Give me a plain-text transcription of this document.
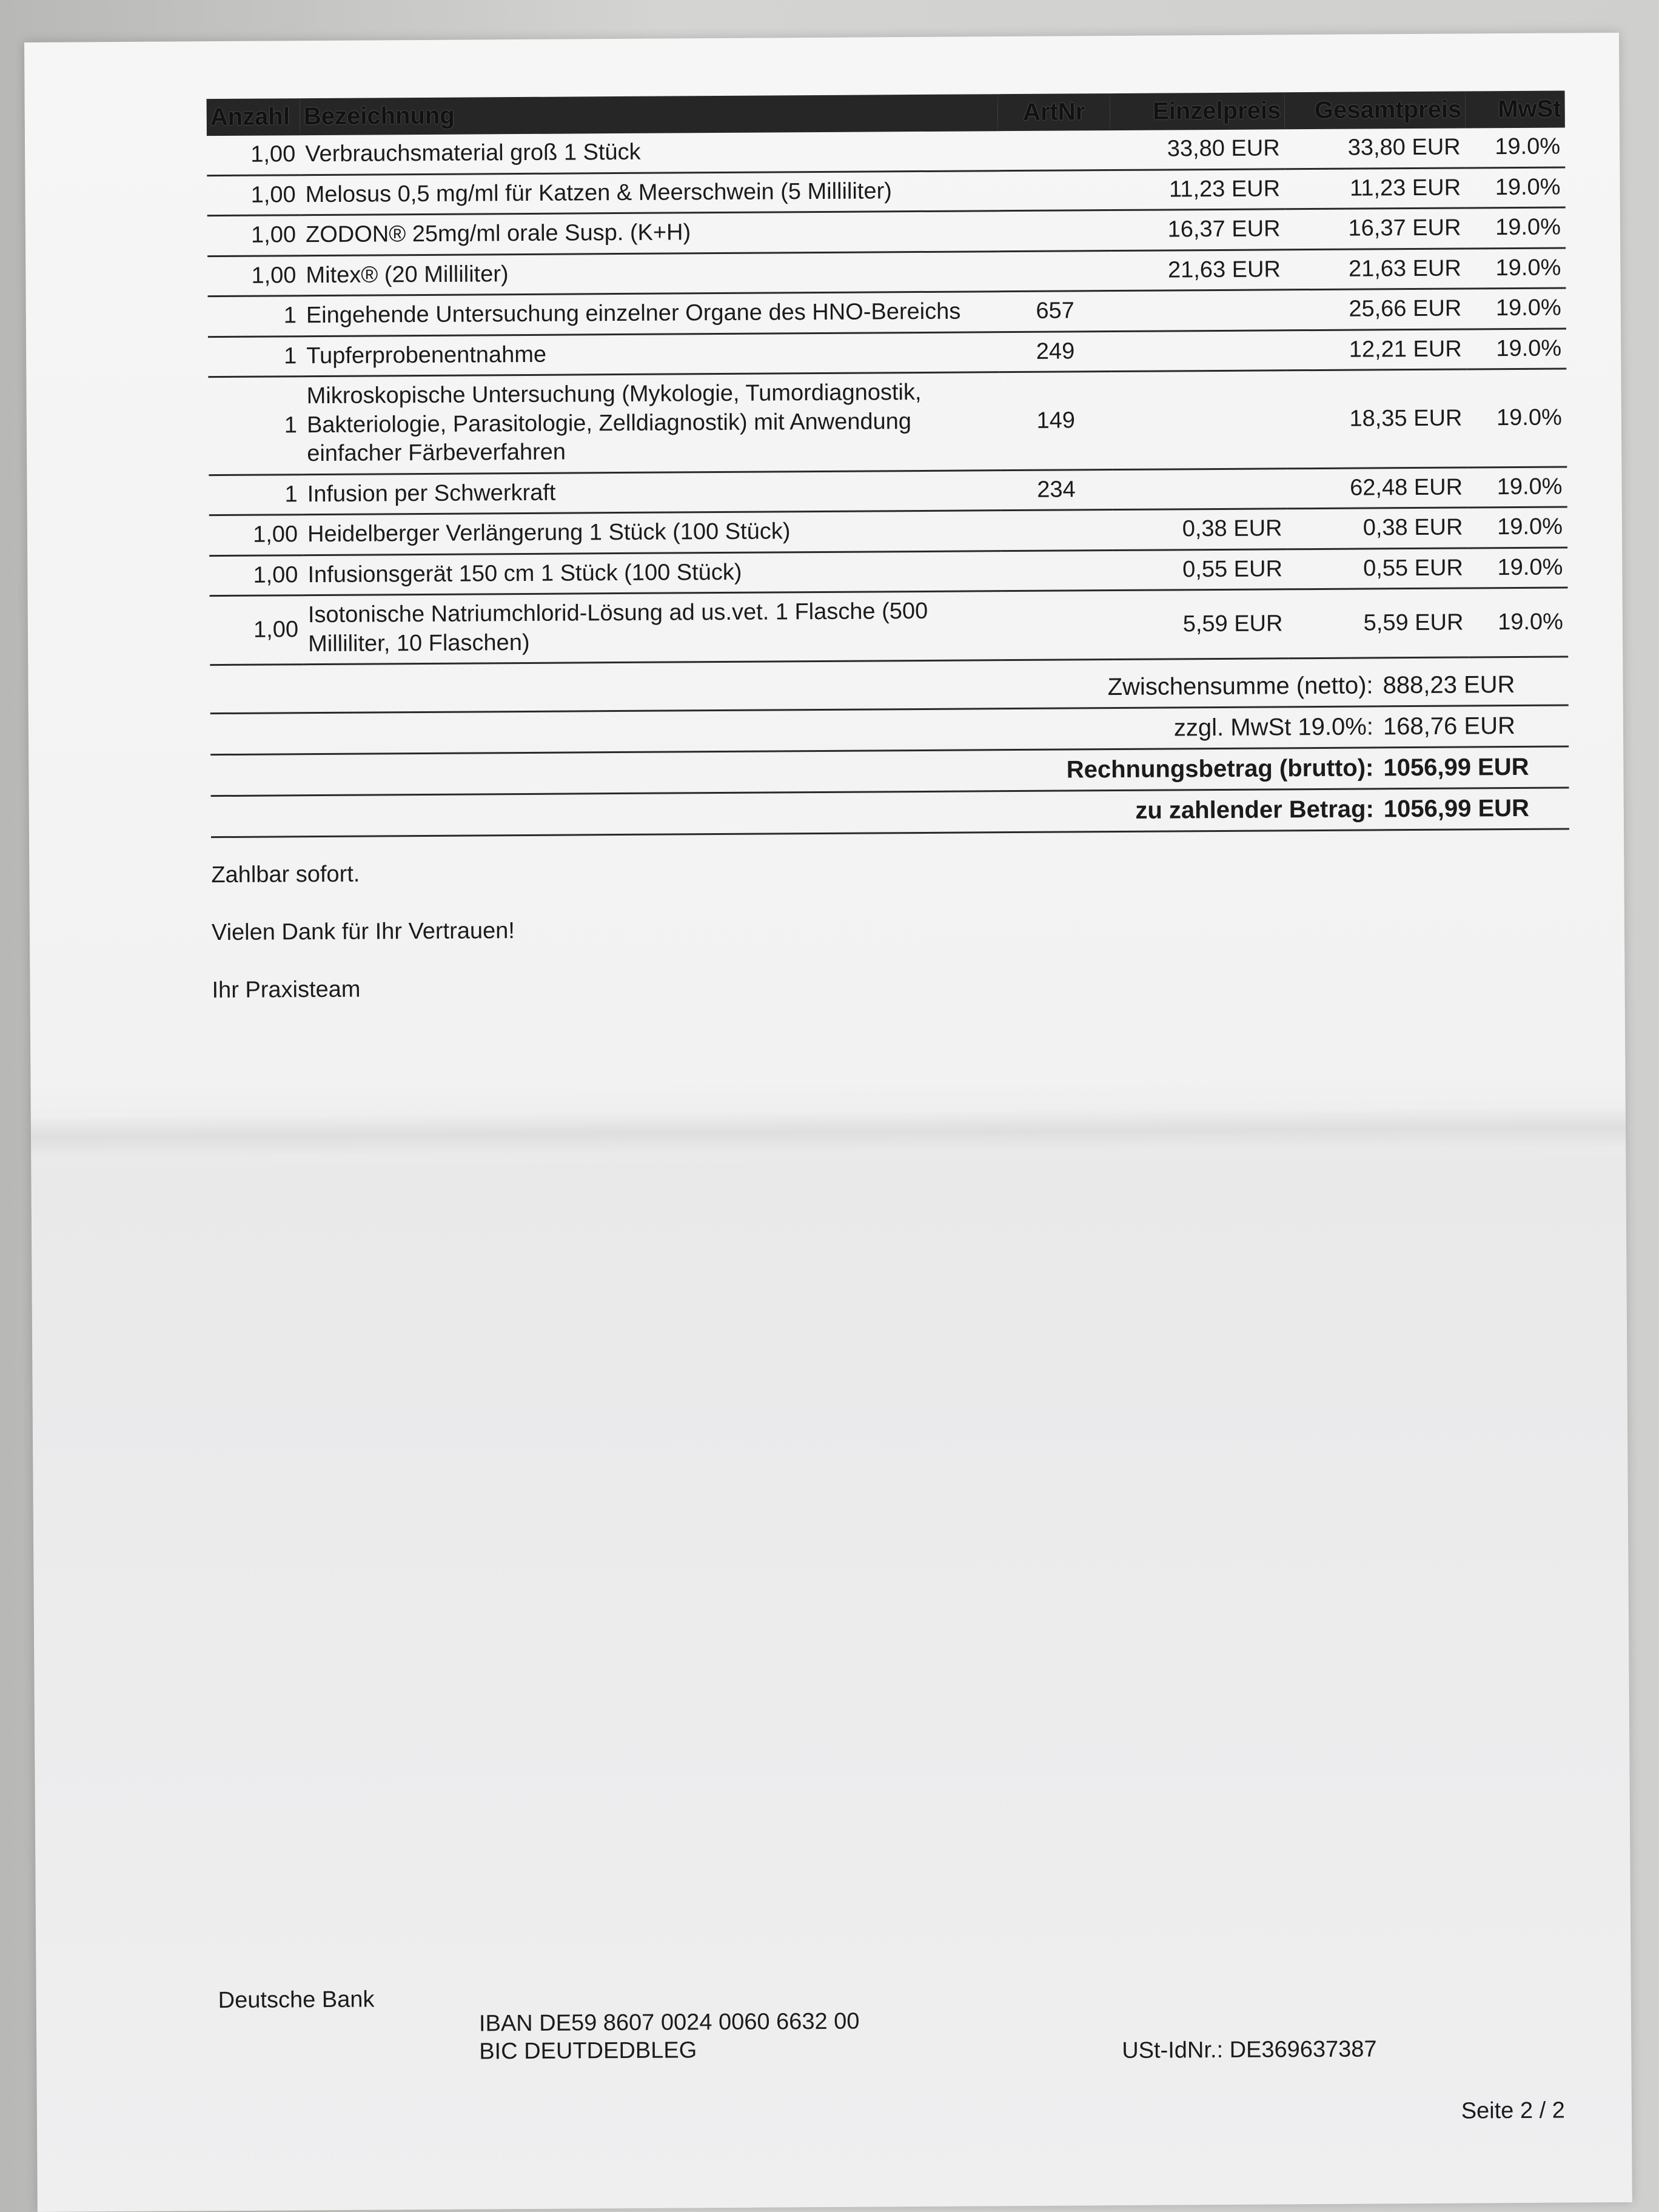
Anzahl	Bezeichnung	ArtNr	Einzelpreis	Gesamtpreis	MwSt
1,00	Verbrauchsmaterial groß 1 Stück		33,80 EUR	33,80 EUR	19.0%
1,00	Melosus 0,5 mg/ml für Katzen & Meerschwein (5 Milliliter)		11,23 EUR	11,23 EUR	19.0%
1,00	ZODON® 25mg/ml orale Susp. (K+H)		16,37 EUR	16,37 EUR	19.0%
1,00	Mitex® (20 Milliliter)		21,63 EUR	21,63 EUR	19.0%
1	Eingehende Untersuchung einzelner Organe des HNO-Bereichs	657		25,66 EUR	19.0%
1	Tupferprobenentnahme	249		12,21 EUR	19.0%
1	Mikroskopische Untersuchung (Mykologie, Tumordiagnostik, Bakteriologie, Parasitologie, Zelldiagnostik) mit Anwendung einfacher Färbeverfahren	149		18,35 EUR	19.0%
1	Infusion per Schwerkraft	234		62,48 EUR	19.0%
1,00	Heidelberger Verlängerung 1 Stück (100 Stück)		0,38 EUR	0,38 EUR	19.0%
1,00	Infusionsgerät 150 cm 1 Stück (100 Stück)		0,55 EUR	0,55 EUR	19.0%
1,00	Isotonische Natriumchlorid-Lösung ad us.vet. 1 Flasche (500 Milliliter, 10 Flaschen)		5,59 EUR	5,59 EUR	19.0%
Zwischensumme (netto):	888,23 EUR
zzgl. MwSt 19.0%:	168,76 EUR
Rechnungsbetrag (brutto):	1056,99 EUR
zu zahlender Betrag:	1056,99 EUR

Zahlbar sofort.

Vielen Dank für Ihr Vertrauen!

Ihr Praxisteam

Deutsche Bank
IBAN DE59 8607 0024 0060 6632 00
BIC DEUTDEDBLEG	USt-IdNr.: DE369637387
Seite 2 / 2
